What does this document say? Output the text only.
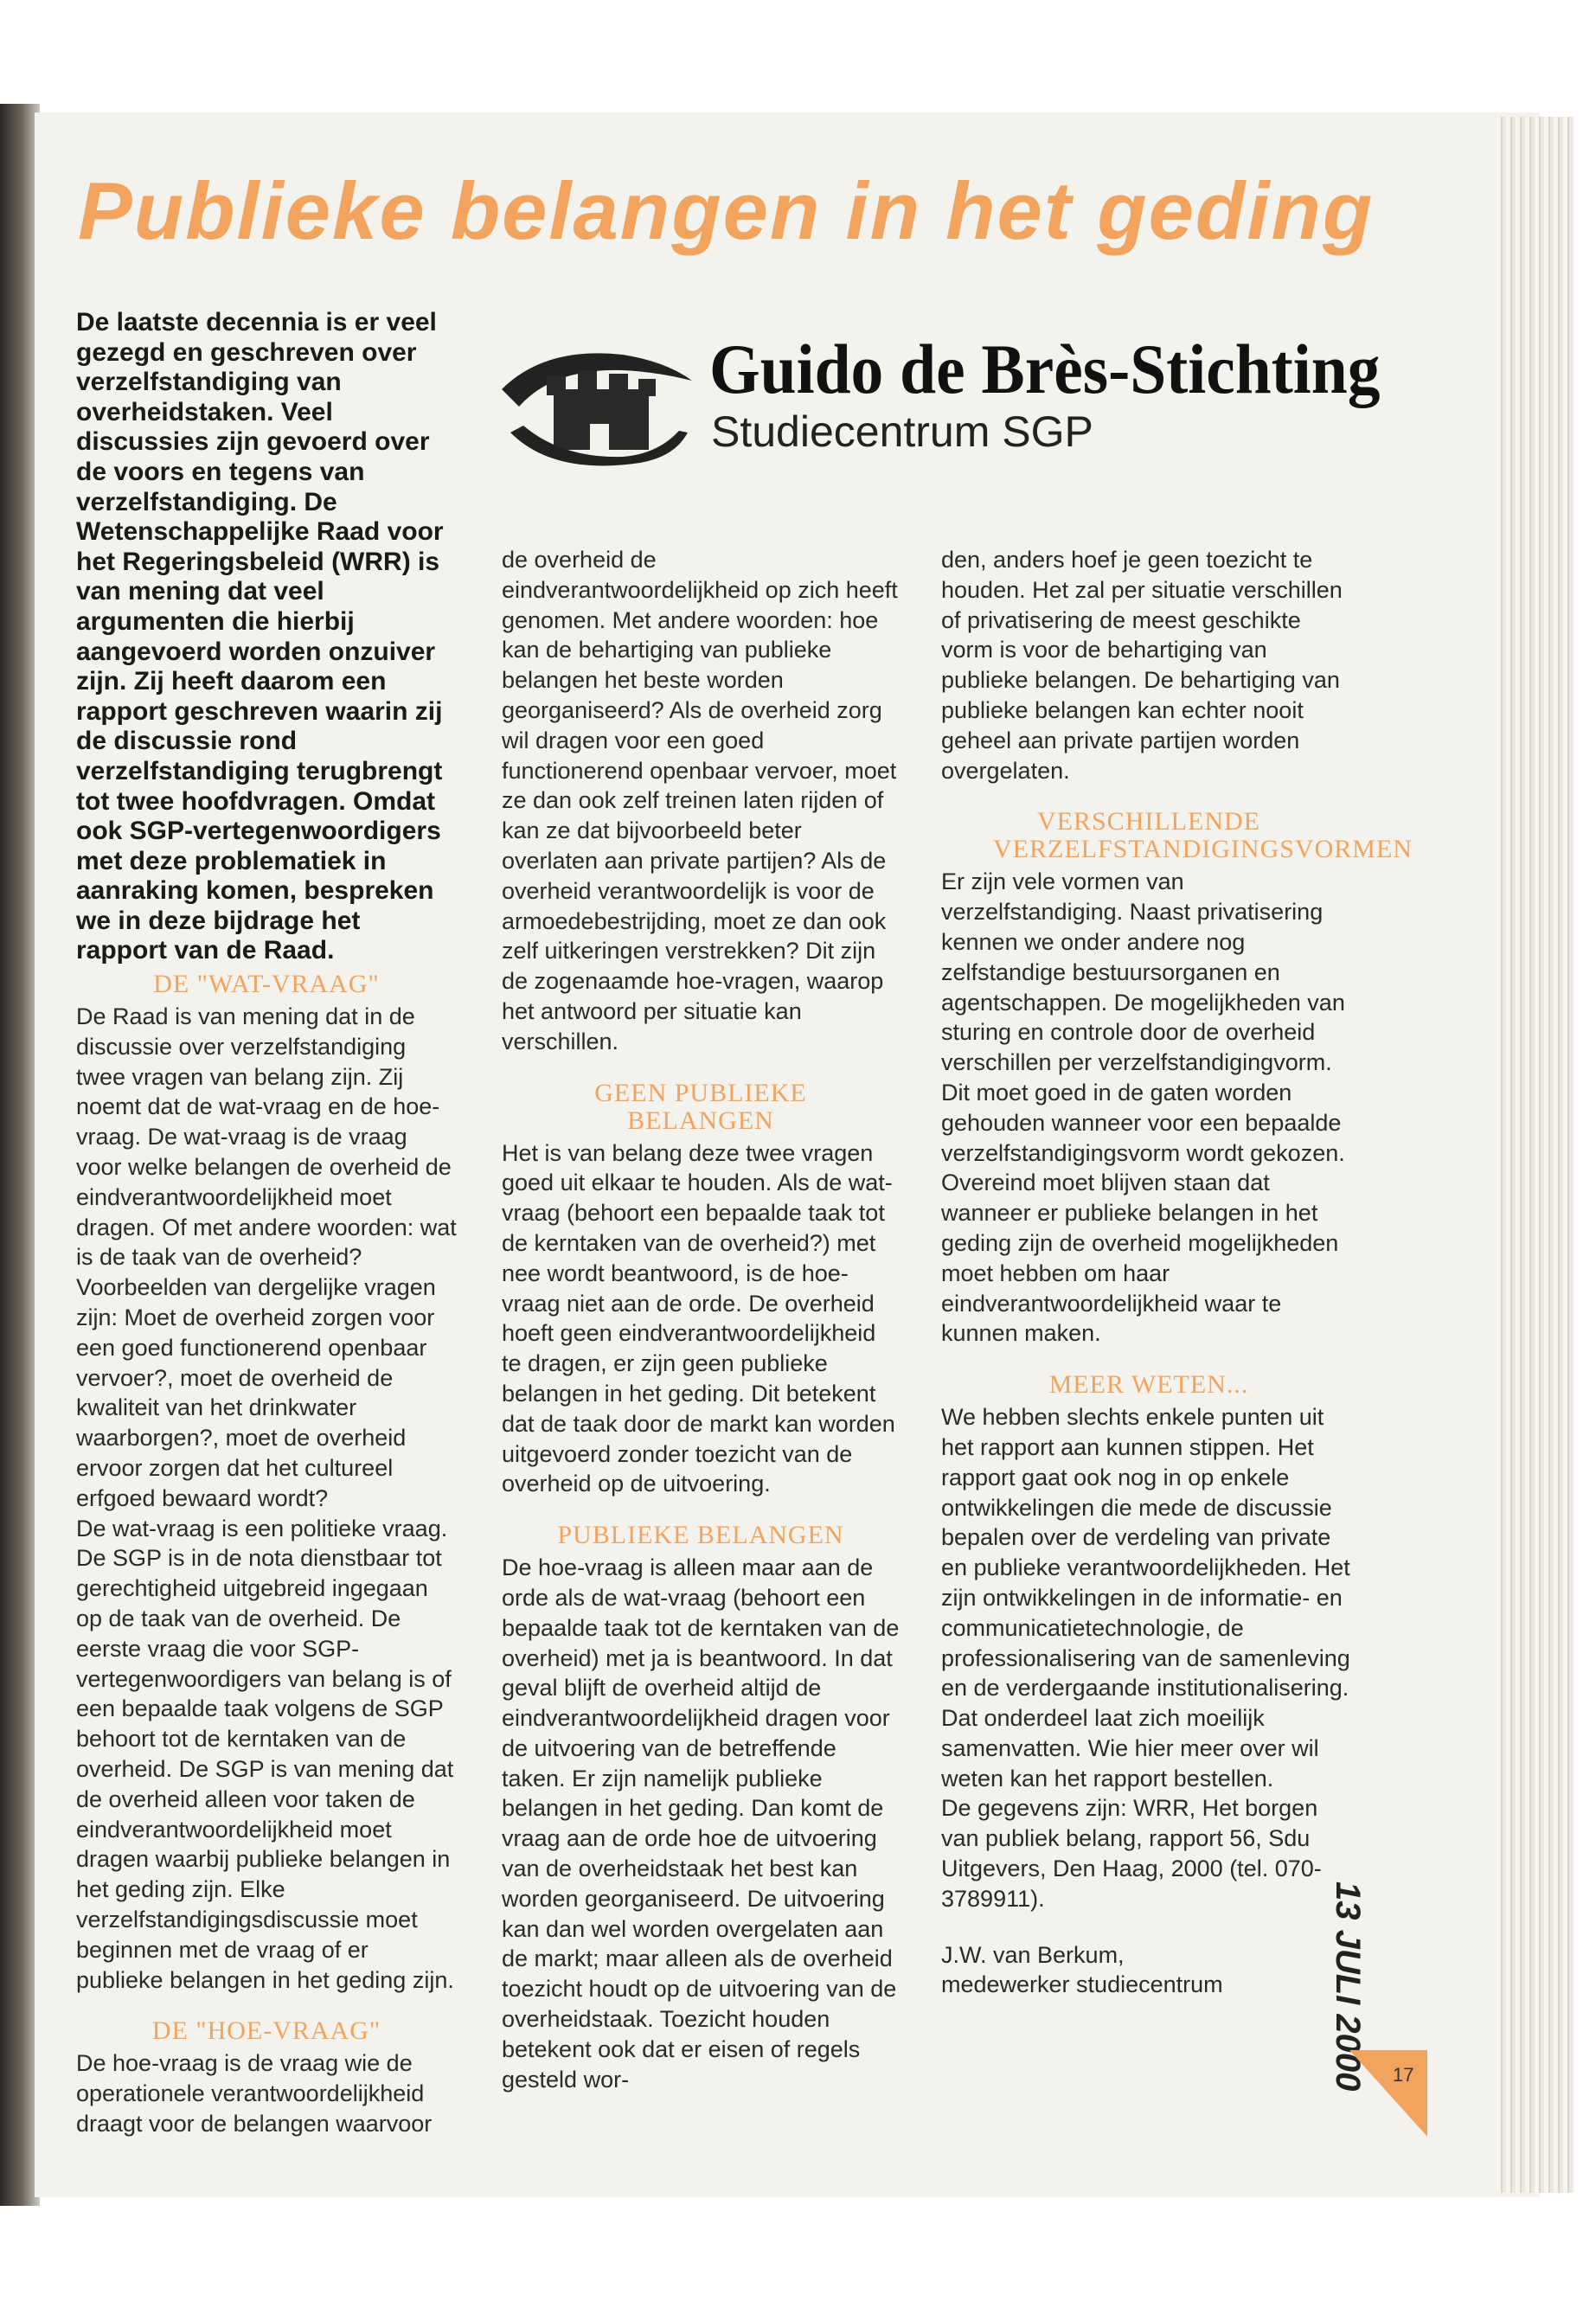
Publieke belangen in het geding
Guido de Brès-Stichting
Studiecentrum SGP
De laatste decennia is er veel gezegd en geschreven over verzelfstandiging van overheidstaken. Veel discussies zijn gevoerd over de voors en tegens van verzelfstandiging. De Wetenschappelijke Raad voor het Regeringsbeleid (WRR) is van mening dat veel argumenten die hierbij aangevoerd worden onzuiver zijn. Zij heeft daarom een rapport geschreven waarin zij de discussie rond verzelfstandiging terugbrengt tot twee hoofdvragen. Omdat ook SGP-vertegenwoordigers met deze problematiek in aanraking komen, bespreken we in deze bijdrage het rapport van de Raad.
DE "WAT-VRAAG"

De Raad is van mening dat in de discussie over verzelfstandiging twee vragen van belang zijn. Zij noemt dat de wat-vraag en de hoe-vraag. De wat-vraag is de vraag voor welke belangen de overheid de eindverantwoordelijkheid moet dragen. Of met andere woorden: wat is de taak van de overheid? Voorbeelden van dergelijke vragen zijn: Moet de overheid zorgen voor een goed functionerend openbaar vervoer?, moet de overheid de kwaliteit van het drinkwater waarborgen?, moet de overheid ervoor zorgen dat het cultureel erfgoed bewaard wordt?

De wat-vraag is een politieke vraag. De SGP is in de nota dienstbaar tot gerechtigheid uitgebreid ingegaan op de taak van de overheid. De eerste vraag die voor SGP-vertegenwoordigers van belang is of een bepaalde taak volgens de SGP behoort tot de kerntaken van de overheid. De SGP is van mening dat de overheid alleen voor taken de eindverantwoordelijkheid moet dragen waarbij publieke belangen in het geding zijn. Elke verzelfstandigingsdiscussie moet beginnen met de vraag of er publieke belangen in het geding zijn.

DE "HOE-VRAAG"

De hoe-vraag is de vraag wie de operationele verantwoordelijkheid draagt voor de belangen waarvoor

de overheid de eindverantwoordelijkheid op zich heeft genomen. Met andere woorden: hoe kan de behartiging van publieke belangen het beste worden georganiseerd? Als de overheid zorg wil dragen voor een goed functionerend openbaar vervoer, moet ze dan ook zelf treinen laten rijden of kan ze dat bijvoorbeeld beter overlaten aan private partijen? Als de overheid verantwoordelijk is voor de armoedebestrijding, moet ze dan ook zelf uitkeringen verstrekken? Dit zijn de zogenaamde hoe-vragen, waarop het antwoord per situatie kan verschillen.

GEEN PUBLIEKE BELANGEN

Het is van belang deze twee vragen goed uit elkaar te houden. Als de wat-vraag (behoort een bepaalde taak tot de kerntaken van de overheid?) met nee wordt beantwoord, is de hoe-vraag niet aan de orde. De overheid hoeft geen eindverantwoordelijkheid te dragen, er zijn geen publieke belangen in het geding. Dit betekent dat de taak door de markt kan worden uitgevoerd zonder toezicht van de overheid op de uitvoering.

PUBLIEKE BELANGEN

De hoe-vraag is alleen maar aan de orde als de wat-vraag (behoort een bepaalde taak tot de kerntaken van de overheid) met ja is beantwoord. In dat geval blijft de overheid altijd de eindverantwoordelijkheid dragen voor de uitvoering van de betreffende taken. Er zijn namelijk publieke belangen in het geding. Dan komt de vraag aan de orde hoe de uitvoering van de overheidstaak het best kan worden georganiseerd. De uitvoering kan dan wel worden overgelaten aan de markt; maar alleen als de overheid toezicht houdt op de uitvoering van de overheidstaak. Toezicht houden betekent ook dat er eisen of regels gesteld wor-

den, anders hoef je geen toezicht te houden. Het zal per situatie verschillen of privatisering de meest geschikte vorm is voor de behartiging van publieke belangen. De behartiging van publieke belangen kan echter nooit geheel aan private partijen worden overgelaten.

VERSCHILLENDE VERZELFSTANDIGINGSVORMEN

Er zijn vele vormen van verzelfstandiging. Naast privatisering kennen we onder andere nog zelfstandige bestuursorganen en agentschappen. De mogelijkheden van sturing en controle door de overheid verschillen per verzelfstandigingvorm. Dit moet goed in de gaten worden gehouden wanneer voor een bepaalde verzelfstandigingsvorm wordt gekozen. Overeind moet blijven staan dat wanneer er publieke belangen in het geding zijn de overheid mogelijkheden moet hebben om haar eindverantwoordelijkheid waar te kunnen maken.

MEER WETEN...

We hebben slechts enkele punten uit het rapport aan kunnen stippen. Het rapport gaat ook nog in op enkele ontwikkelingen die mede de discussie bepalen over de verdeling van private en publieke verantwoordelijkheden. Het zijn ontwikkelingen in de informatie- en communicatietechnologie, de professionalisering van de samenleving en de verdergaande institutionalisering. Dat onderdeel laat zich moeilijk samenvatten. Wie hier meer over wil weten kan het rapport bestellen.

De gegevens zijn: WRR, Het borgen van publiek belang, rapport 56, Sdu Uitgevers, Den Haag, 2000 (tel. 070-3789911).

J.W. van Berkum,

medewerker studiecentrum	13 JULI 2000 17
